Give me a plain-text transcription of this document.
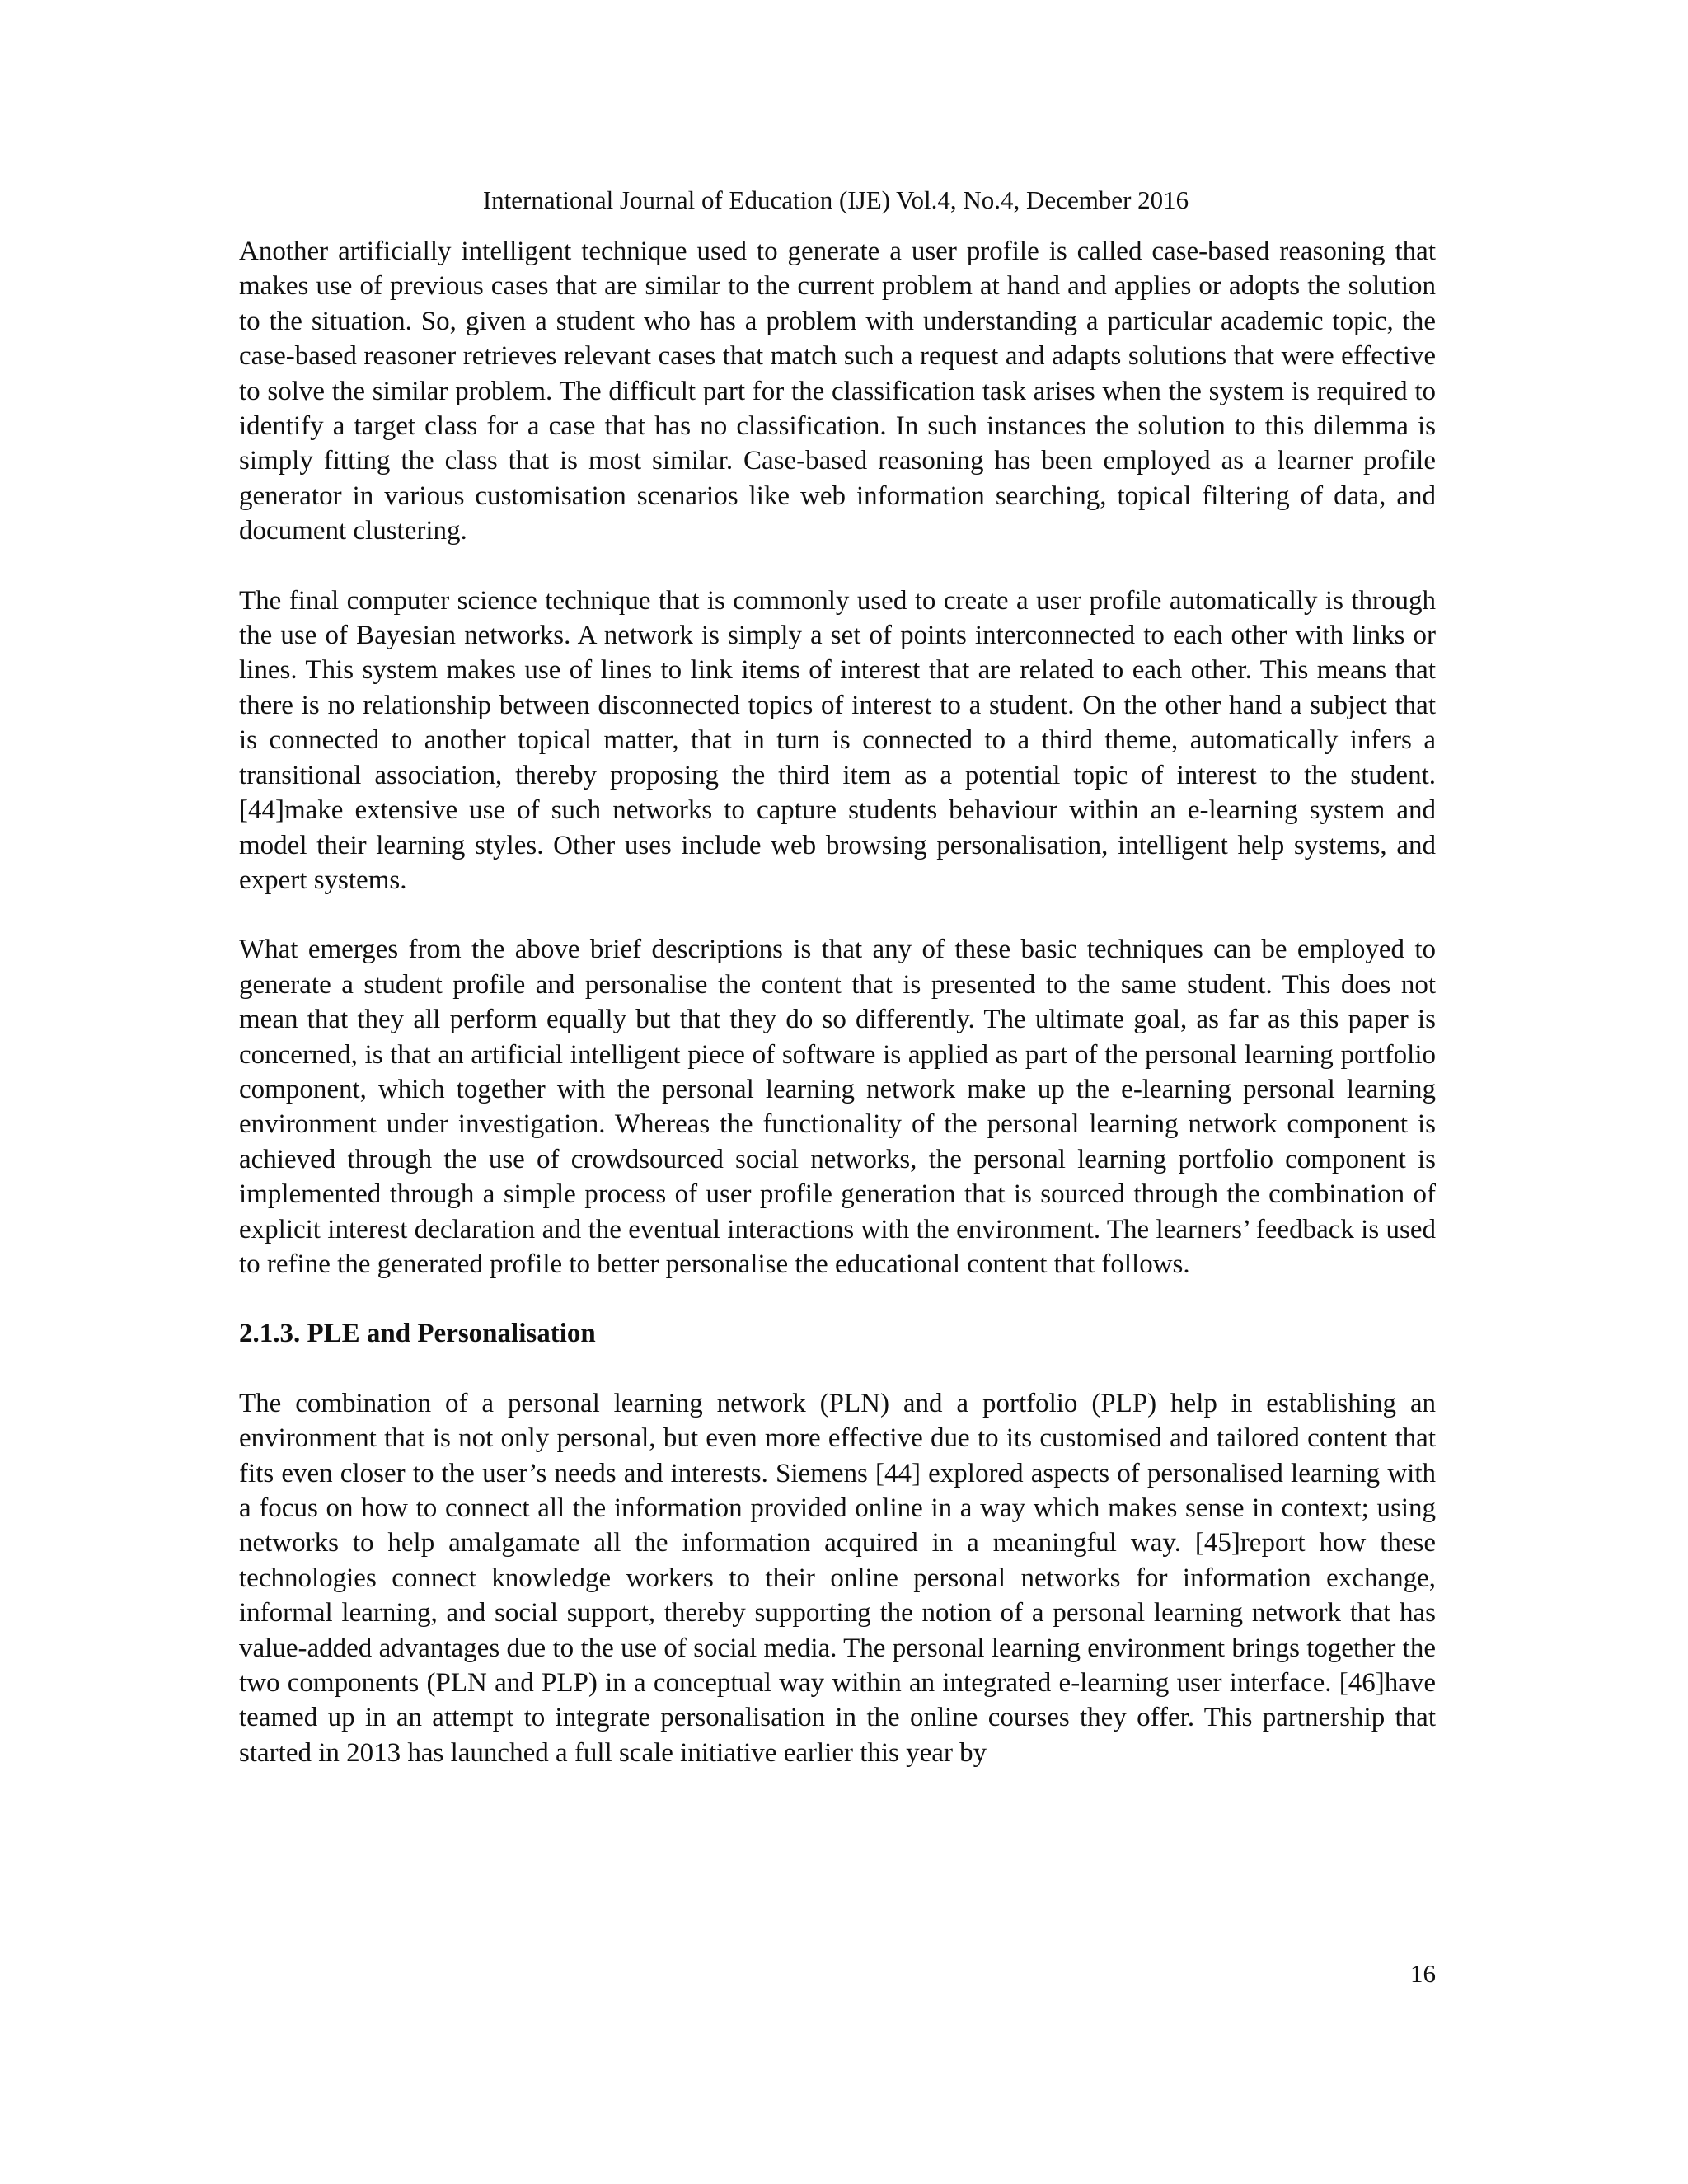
International Journal of Education (IJE) Vol.4, No.4, December 2016

Another artificially intelligent technique used to generate a user profile is called case-based reasoning that makes use of previous cases that are similar to the current problem at hand and applies or adopts the solution to the situation. So, given a student who has a problem with understanding a particular academic topic, the case-based reasoner retrieves relevant cases that match such a request and adapts solutions that were effective to solve the similar problem. The difficult part for the classification task arises when the system is required to identify a target class for a case that has no classification. In such instances the solution to this dilemma is simply fitting the class that is most similar. Case-based reasoning has been employed as a learner profile generator in various customisation scenarios like web information searching, topical filtering of data, and document clustering.

The final computer science technique that is commonly used to create a user profile automatically is through the use of Bayesian networks. A network is simply a set of points interconnected to each other with links or lines. This system makes use of lines to link items of interest that are related to each other. This means that there is no relationship between disconnected topics of interest to a student. On the other hand a subject that is connected to another topical matter, that in turn is connected to a third theme, automatically infers a transitional association, thereby proposing the third item as a potential topic of interest to the student. [44]make extensive use of such networks to capture students behaviour within an e-learning system and model their learning styles. Other uses include web browsing personalisation, intelligent help systems, and expert systems.

What emerges from the above brief descriptions is that any of these basic techniques can be employed to generate a student profile and personalise the content that is presented to the same student. This does not mean that they all perform equally but that they do so differently. The ultimate goal, as far as this paper is concerned, is that an artificial intelligent piece of software is applied as part of the personal learning portfolio component, which together with the personal learning network make up the e-learning personal learning environment under investigation. Whereas the functionality of the personal learning network component is achieved through the use of crowdsourced social networks, the personal learning portfolio component is implemented through a simple process of user profile generation that is sourced through the combination of explicit interest declaration and the eventual interactions with the environment. The learners’ feedback is used to refine the generated profile to better personalise the educational content that follows.

2.1.3. PLE and Personalisation

The combination of a personal learning network (PLN) and a portfolio (PLP) help in establishing an environment that is not only personal, but even more effective due to its customised and tailored content that fits even closer to the user’s needs and interests. Siemens [44] explored aspects of personalised learning with a focus on how to connect all the information provided online in a way which makes sense in context; using networks to help amalgamate all the information acquired in a meaningful way. [45]report how these technologies connect knowledge workers to their online personal networks for information exchange, informal learning, and social support, thereby supporting the notion of a personal learning network that has value-added advantages due to the use of social media. The personal learning environment brings together the two components (PLN and PLP) in a conceptual way within an integrated e-learning user interface. [46]have teamed up in an attempt to integrate personalisation in the online courses they offer. This partnership that started in 2013 has launched a full scale initiative earlier this year by

16
